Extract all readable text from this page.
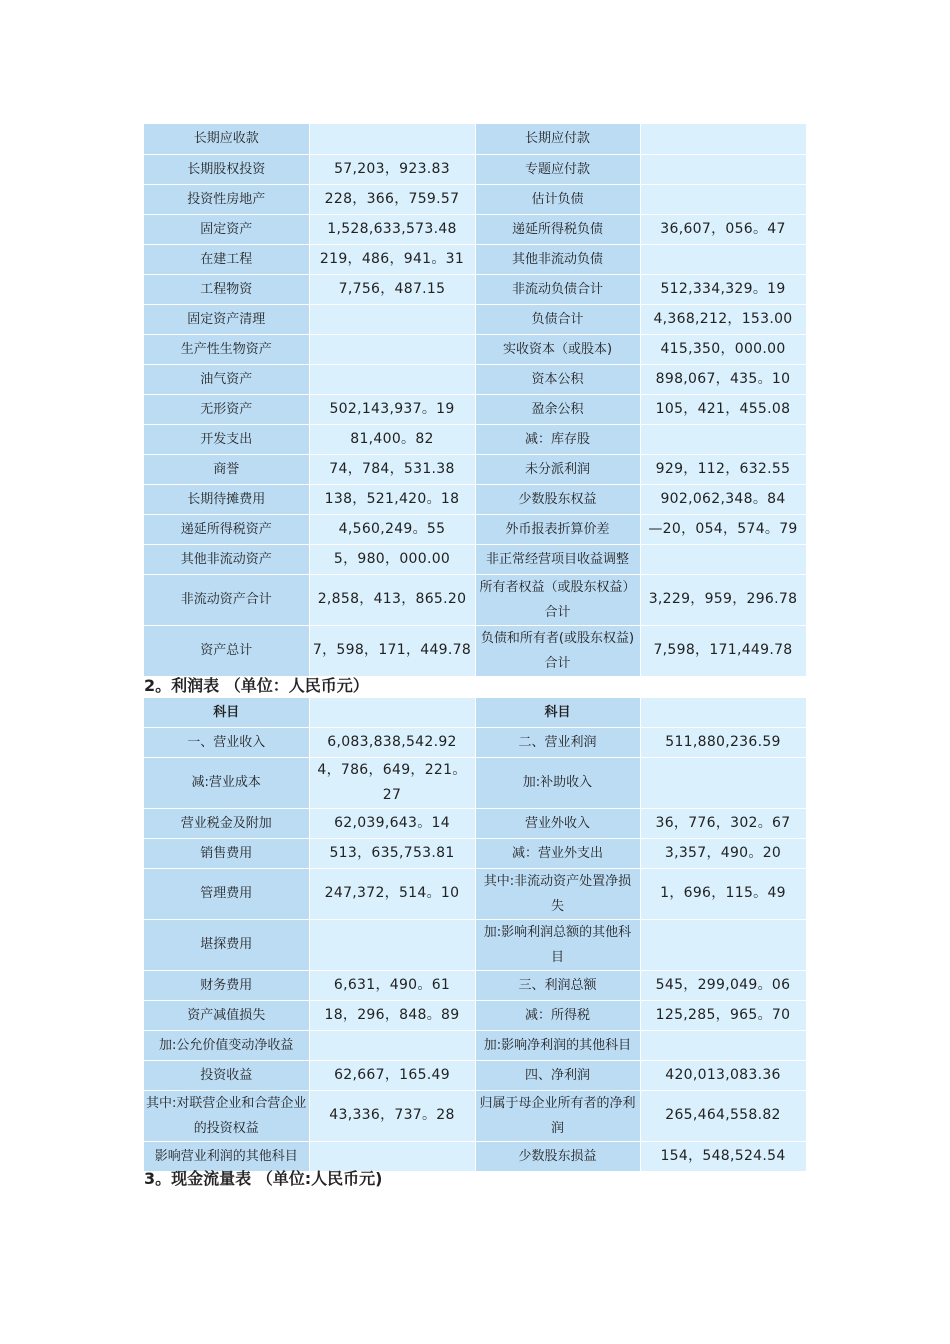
长期应收款		长期应付款	
长期股权投资	57,203，923.83	专题应付款	
投资性房地产	228，366，759.57	估计负债	
固定资产	1,528,633,573.48	递延所得税负债	36,607，056。47
在建工程	219，486，941。31	其他非流动负债	
工程物资	7,756，487.15	非流动负债合计	512,334,329。19
固定资产清理		负债合计	4,368,212，153.00
生产性生物资产		实收资本（或股本)	415,350，000.00
油气资产		资本公积	898,067，435。10
无形资产	502,143,937。19	盈余公积	105，421，455.08
开发支出	81,400。82	减：库存股	
商誉	74，784，531.38	未分派利润	929，112，632.55
长期待摊费用	138，521,420。18	少数股东权益	902,062,348。84
递延所得税资产	4,560,249。55	外币报表折算价差	—20，054，574。79
其他非流动资产	5，980，000.00	非正常经营项目收益调整	
非流动资产合计	2,858，413，865.20	所有者权益（或股东权益）合计	3,229，959，296.78
资产总计	7，598，171，449.78	负债和所有者(或股东权益)合计	7,598，171,449.78
2。利润表 （单位：人民币元）
科目		科目	
一、营业收入	6,083,838,542.92	二、营业利润	511,880,236.59
减:营业成本	4，786，649，221。27	加:补助收入	
营业税金及附加	62,039,643。14	营业外收入	36，776，302。67
销售费用	513，635,753.81	减：营业外支出	3,357，490。20
管理费用	247,372，514。10	其中:非流动资产处置净损失	1，696，115。49
堪探费用		加:影响利润总额的其他科目	
财务费用	6,631，490。61	三、利润总额	545，299,049。06
资产减值损失	18，296，848。89	减：所得税	125,285，965。70
加:公允价值变动净收益		加:影响净利润的其他科目	
投资收益	62,667，165.49	四、净利润	420,013,083.36
其中:对联营企业和合营企业的投资权益	43,336，737。28	归属于母企业所有者的净利润	265,464,558.82
影响营业利润的其他科目		少数股东损益	154，548,524.54
3。现金流量表 （单位:人民币元)
